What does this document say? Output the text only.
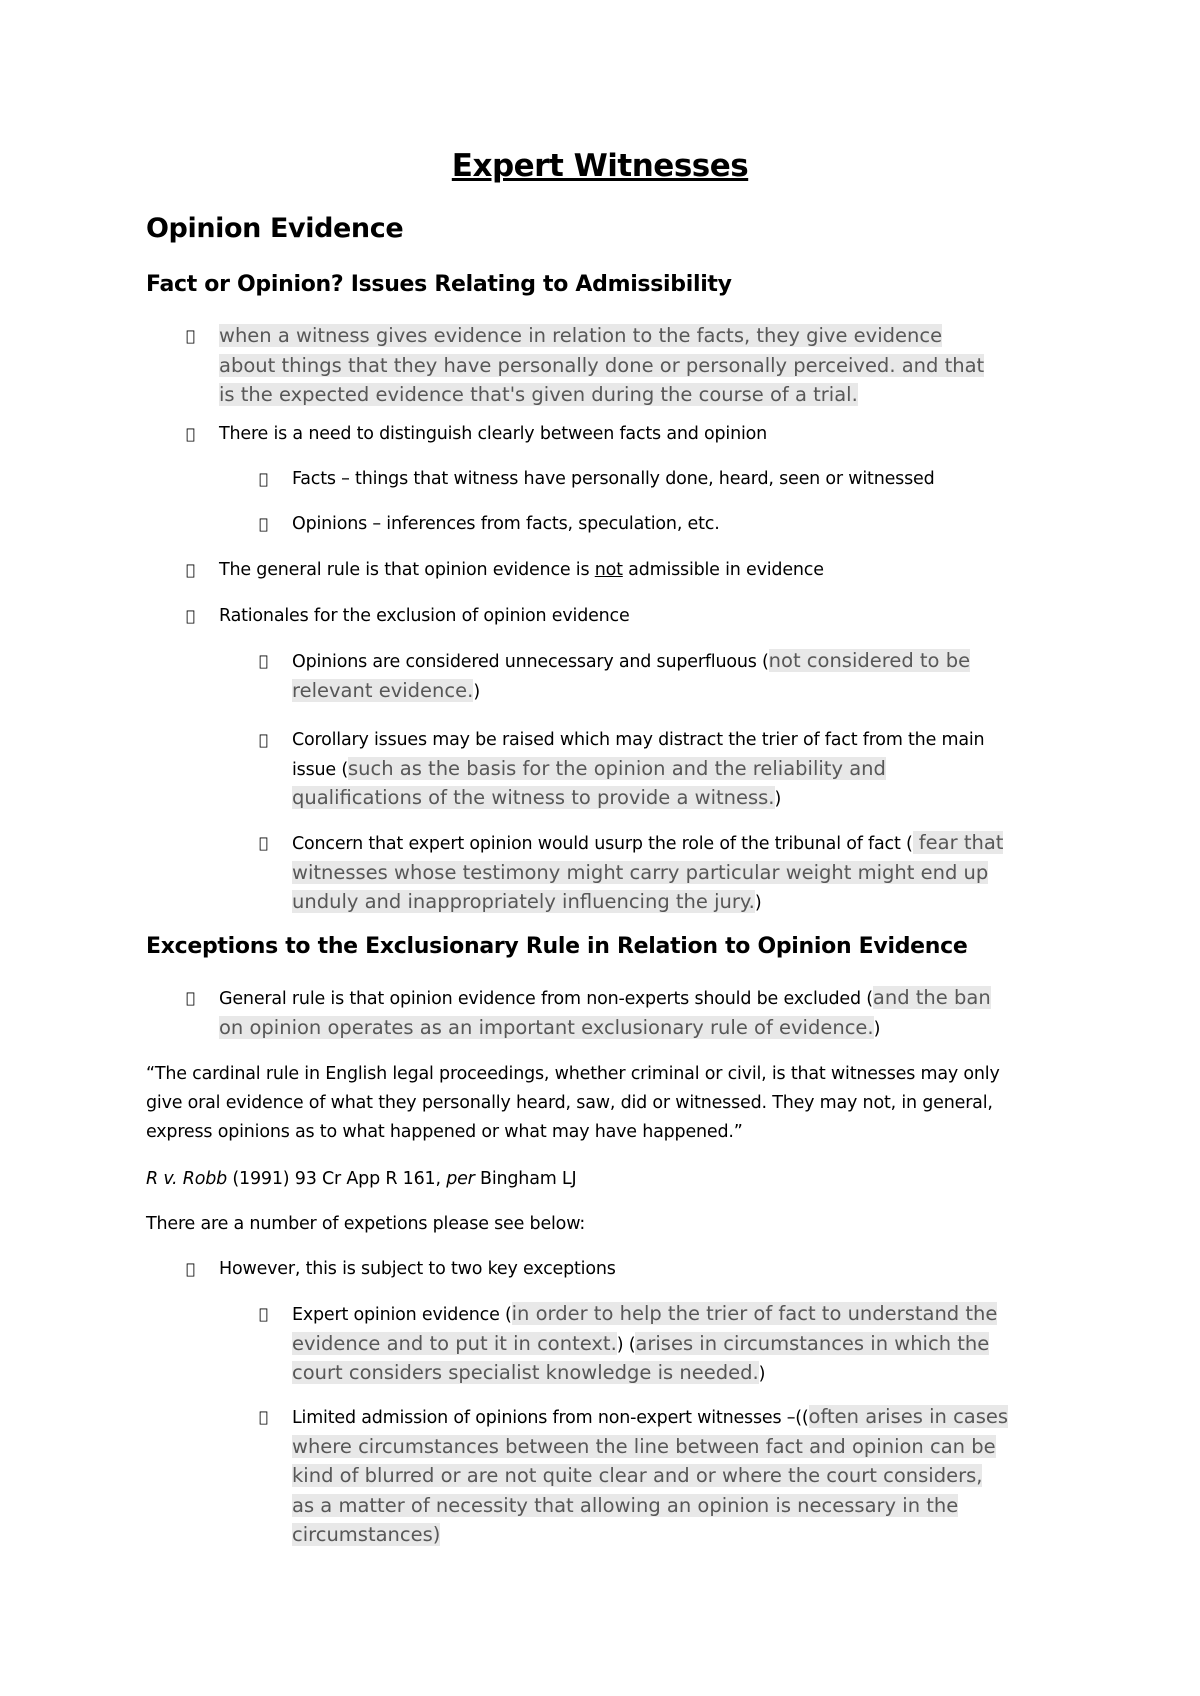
Expert Witnesses
Opinion Evidence
Fact or Opinion? Issues Relating to Admissibility
when a witness gives evidence in relation to the facts, they give evidence
about things that they have personally done or personally perceived. and that
is the expected evidence that's given during the course of a trial.
There is a need to distinguish clearly between facts and opinion
Facts – things that witness have personally done, heard, seen or witnessed
Opinions – inferences from facts, speculation, etc.
The general rule is that opinion evidence is not admissible in evidence
Rationales for the exclusion of opinion evidence
Opinions are considered unnecessary and superfluous (not considered to be
relevant evidence.)
Corollary issues may be raised which may distract the trier of fact from the main
issue (such as the basis for the opinion and the reliability and
qualifications of the witness to provide a witness.)
Concern that expert opinion would usurp the role of the tribunal of fact ( fear that
witnesses whose testimony might carry particular weight might end up
unduly and inappropriately influencing the jury.)
Exceptions to the Exclusionary Rule in Relation to Opinion Evidence
General rule is that opinion evidence from non-experts should be excluded (and the ban
on opinion operates as an important exclusionary rule of evidence.)
“The cardinal rule in English legal proceedings, whether criminal or civil, is that witnesses may only
give oral evidence of what they personally heard, saw, did or witnessed. They may not, in general,
express opinions as to what happened or what may have happened.”
R v. Robb (1991) 93 Cr App R 161, per Bingham LJ
There are a number of expetions please see below:
However, this is subject to two key exceptions
Expert opinion evidence (in order to help the trier of fact to understand the
evidence and to put it in context.) (arises in circumstances in which the
court considers specialist knowledge is needed.)
Limited admission of opinions from non-expert witnesses –((often arises in cases
where circumstances between the line between fact and opinion can be
kind of blurred or are not quite clear and or where the court considers,
as a matter of necessity that allowing an opinion is necessary in the
circumstances)
